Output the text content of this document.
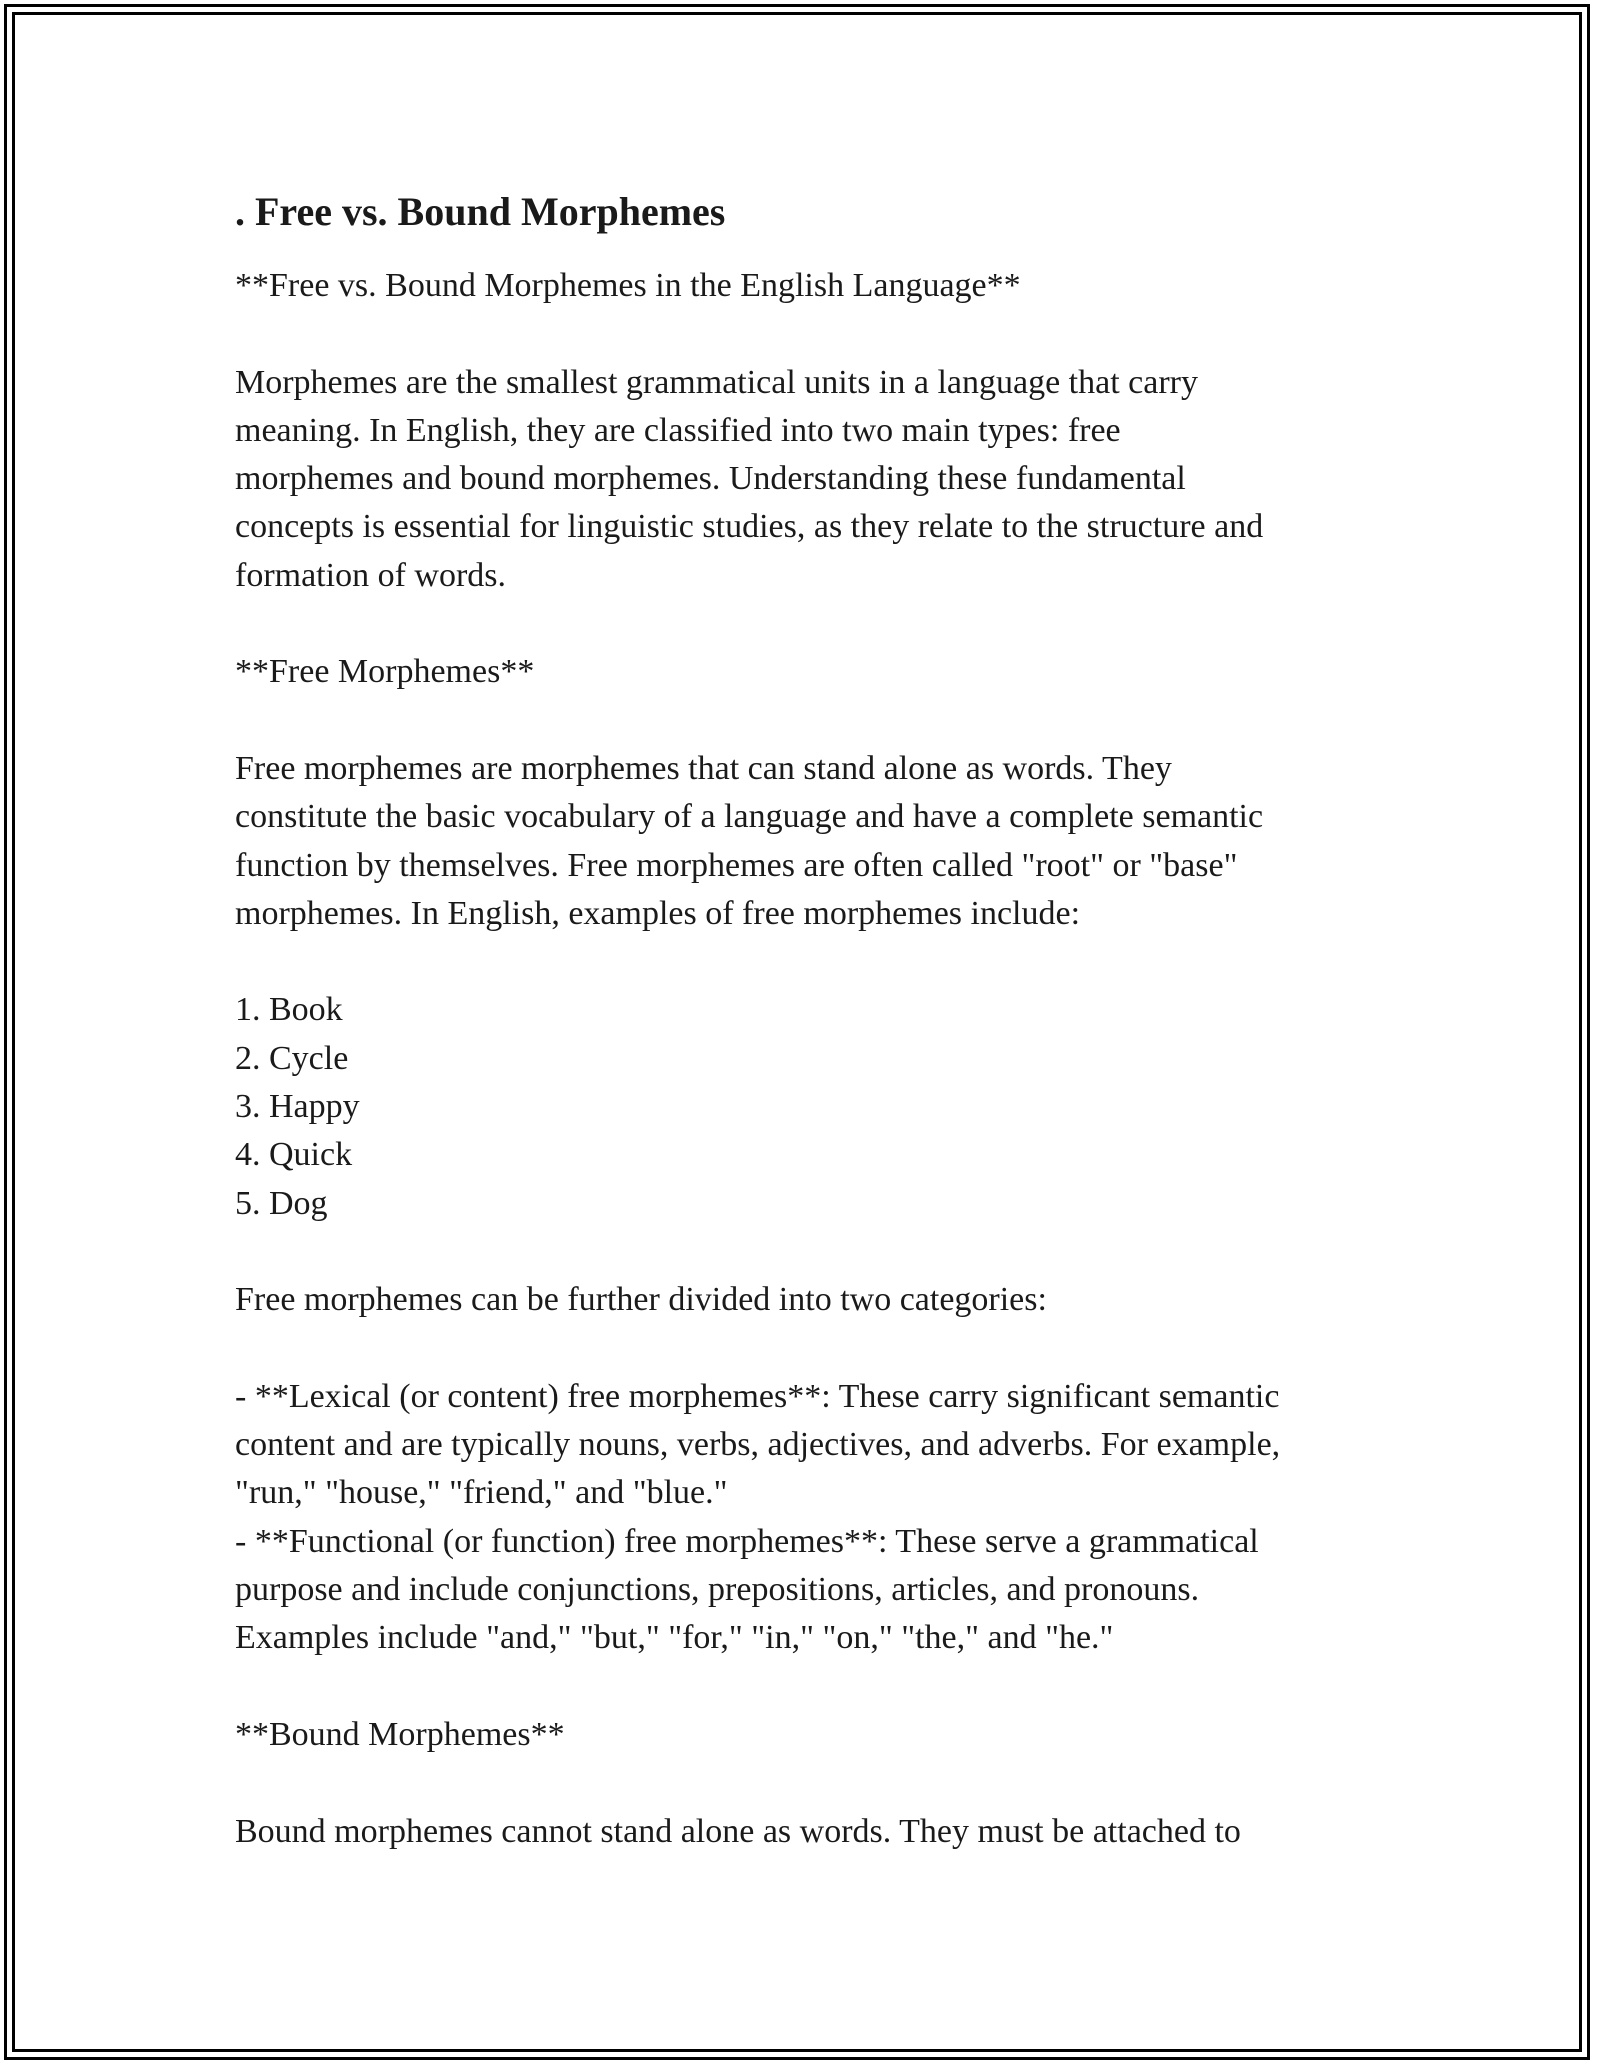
. Free vs. Bound Morphemes
**Free vs. Bound Morphemes in the English Language**
Morphemes are the smallest grammatical units in a language that carry
meaning. In English, they are classified into two main types: free
morphemes and bound morphemes. Understanding these fundamental
concepts is essential for linguistic studies, as they relate to the structure and
formation of words.
**Free Morphemes**
Free morphemes are morphemes that can stand alone as words. They
constitute the basic vocabulary of a language and have a complete semantic
function by themselves. Free morphemes are often called "root" or "base"
morphemes. In English, examples of free morphemes include:
1. Book
2. Cycle
3. Happy
4. Quick
5. Dog
Free morphemes can be further divided into two categories:
- **Lexical (or content) free morphemes**: These carry significant semantic
content and are typically nouns, verbs, adjectives, and adverbs. For example,
"run," "house," "friend," and "blue."
- **Functional (or function) free morphemes**: These serve a grammatical
purpose and include conjunctions, prepositions, articles, and pronouns.
Examples include "and," "but," "for," "in," "on," "the," and "he."
**Bound Morphemes**
Bound morphemes cannot stand alone as words. They must be attached to
